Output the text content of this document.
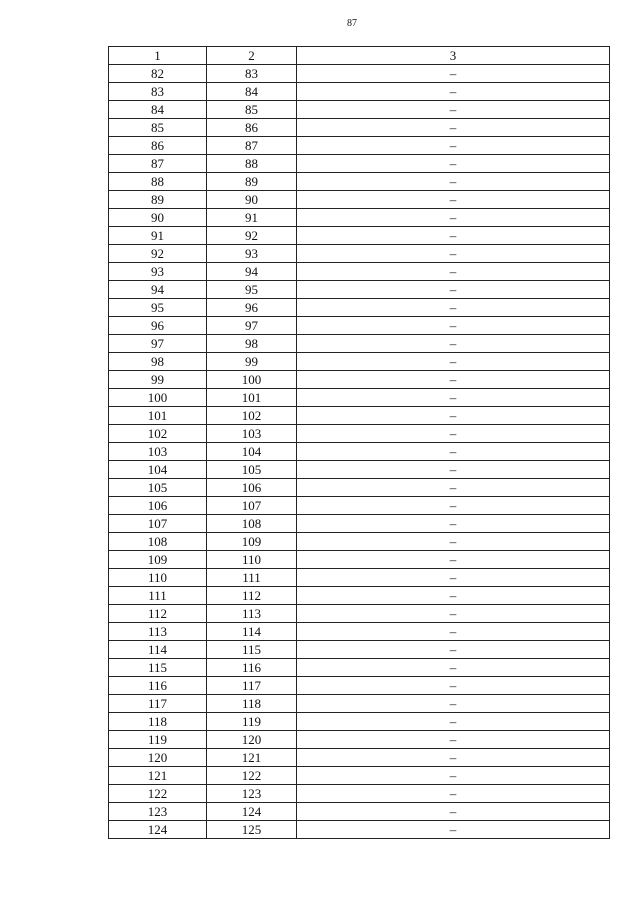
87
1	2	3
82	83	–
83	84	–
84	85	–
85	86	–
86	87	–
87	88	–
88	89	–
89	90	–
90	91	–
91	92	–
92	93	–
93	94	–
94	95	–
95	96	–
96	97	–
97	98	–
98	99	–
99	100	–
100	101	–
101	102	–
102	103	–
103	104	–
104	105	–
105	106	–
106	107	–
107	108	–
108	109	–
109	110	–
110	111	–
111	112	–
112	113	–
113	114	–
114	115	–
115	116	–
116	117	–
117	118	–
118	119	–
119	120	–
120	121	–
121	122	–
122	123	–
123	124	–
124	125	–
